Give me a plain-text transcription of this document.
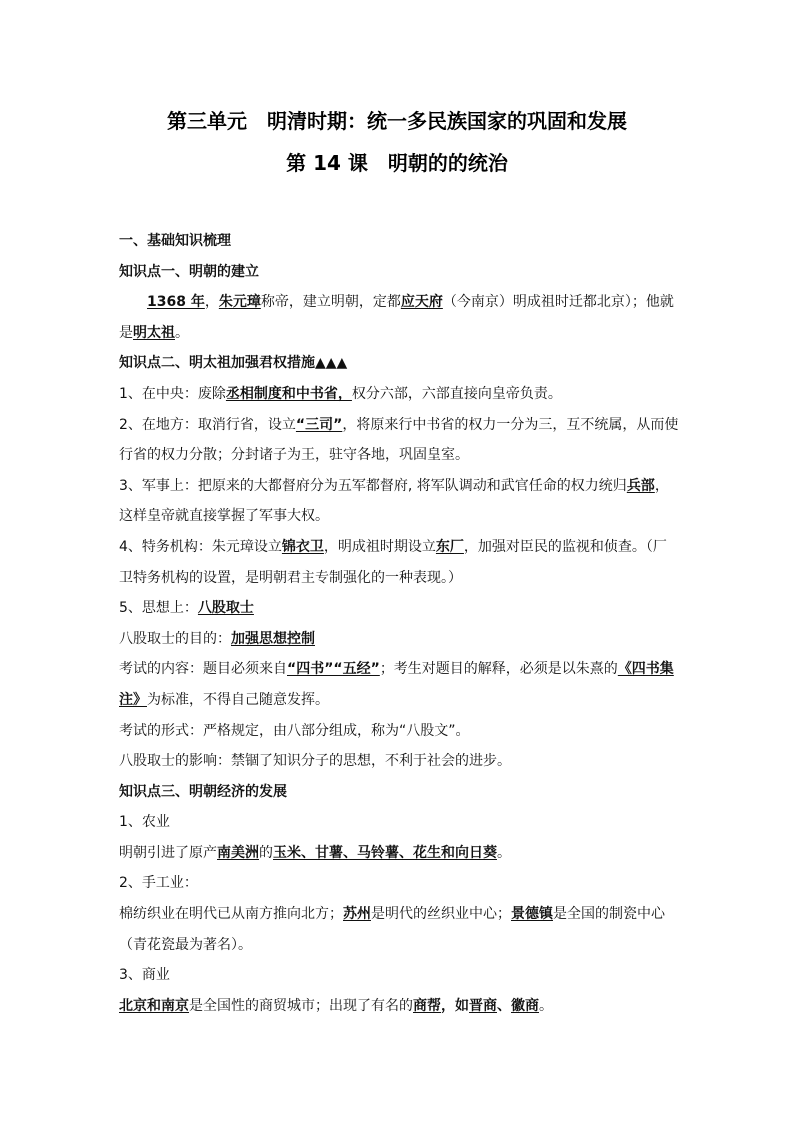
第三单元　明清时期：统一多民族国家的巩固和发展
第 14 课　明朝的的统治

一、基础知识梳理

知识点一、明朝的建立

1368 年，朱元璋称帝，建立明朝，定都应天府（今南京）明成祖时迁都北京）；他就是明太祖。

知识点二、明太祖加强君权措施▲▲▲

1、在中央：废除丞相制度和中书省，权分六部，六部直接向皇帝负责。

2、在地方：取消行省，设立“三司”，将原来行中书省的权力一分为三，互不统属，从而使行省的权力分散；分封诸子为王，驻守各地，巩固皇室。

3、军事上：把原来的大都督府分为五军都督府, 将军队调动和武官任命的权力统归兵部，这样皇帝就直接掌握了军事大权。

4、特务机构：朱元璋设立锦衣卫，明成祖时期设立东厂，加强对臣民的监视和侦查。（厂卫特务机构的设置，是明朝君主专制强化的一种表现。）

5、思想上：八股取士

八股取士的目的：加强思想控制

考试的内容：题目必须来自“四书”“五经”；考生对题目的解释，必须是以朱熹的《四书集注》为标准，不得自己随意发挥。

考试的形式：严格规定，由八部分组成，称为“八股文”。

八股取士的影响：禁锢了知识分子的思想，不利于社会的进步。

知识点三、明朝经济的发展

1、农业

明朝引进了原产南美洲的玉米、甘薯、马铃薯、花生和向日葵。

2、手工业：

棉纺织业在明代已从南方推向北方；苏州是明代的丝织业中心；景德镇是全国的制瓷中心（青花瓷最为著名）。

3、商业

北京和南京是全国性的商贸城市；出现了有名的商帮，如晋商、徽商。
